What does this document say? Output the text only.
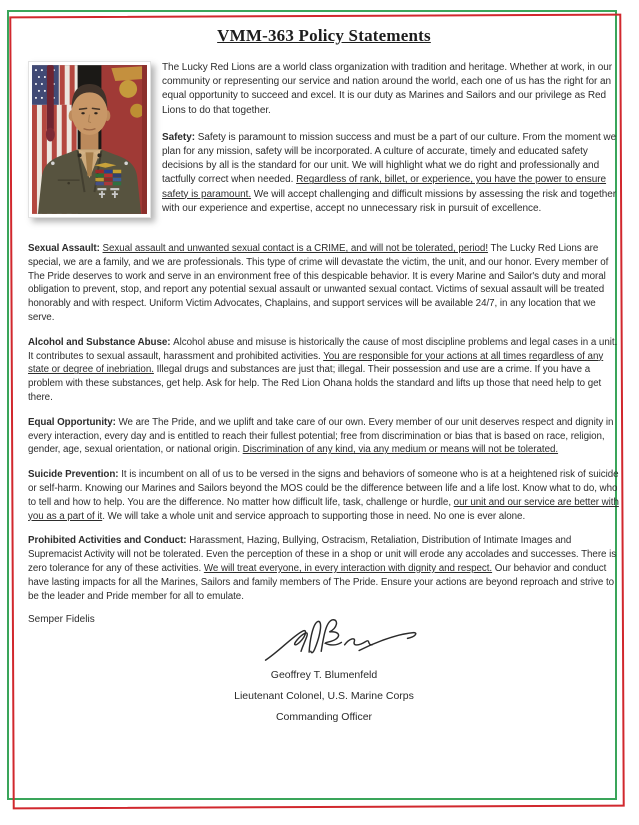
VMM-363 Policy Statements

The Lucky Red Lions are a world class organization with tradition and heritage. Whether at work, in our community or representing our service and nation around the world, each one of us has the right for an equal opportunity to succeed and excel. It is our duty as Marines and Sailors and our privilege as Red Lions to do that together.

Safety: Safety is paramount to mission success and must be a part of our culture. From the moment we plan for any mission, safety will be incorporated. A culture of accurate, timely and educated safety decisions by all is the standard for our unit. We will highlight what we do right and professionally and tactfully correct when needed. Regardless of rank, billet, or experience, you have the power to ensure safety is paramount. We will accept challenging and difficult missions by assessing the risk and together with our experience and expertise, accept no unnecessary risk in pursuit of excellence.

Sexual Assault: Sexual assault and unwanted sexual contact is a CRIME, and will not be tolerated, period! The Lucky Red Lions are special, we are a family, and we are professionals. This type of crime will devastate the victim, the unit, and our honor. Every member of The Pride deserves to work and serve in an environment free of this despicable behavior. It is every Marine and Sailor's duty and moral obligation to prevent, stop, and report any potential sexual assault or unwanted sexual contact. Victims of sexual assault will be treated honorably and with respect. Uniform Victim Advocates, Chaplains, and support services will be available 24/7, in any location that we serve.

Alcohol and Substance Abuse: Alcohol abuse and misuse is historically the cause of most discipline problems and legal cases in a unit. It contributes to sexual assault, harassment and prohibited activities. You are responsible for your actions at all times regardless of any state or degree of inebriation. Illegal drugs and substances are just that; illegal. Their possession and use are a crime. If you have a problem with these substances, get help. Ask for help. The Red Lion Ohana holds the standard and lifts up those that need help to get there.

Equal Opportunity: We are The Pride, and we uplift and take care of our own. Every member of our unit deserves respect and dignity in every interaction, every day and is entitled to reach their fullest potential; free from discrimination or bias that is based on race, religion, gender, age, sexual orientation, or national origin. Discrimination of any kind, via any medium or means will not be tolerated.

Suicide Prevention: It is incumbent on all of us to be versed in the signs and behaviors of someone who is at a heightened risk of suicide or self-harm. Knowing our Marines and Sailors beyond the MOS could be the difference between life and a life lost. Know what to do, who to tell and how to help. You are the difference. No matter how difficult life, task, challenge or hurdle, our unit and our service are better with you as a part of it. We will take a whole unit and service approach to supporting those in need. No one is ever alone.

Prohibited Activities and Conduct: Harassment, Hazing, Bullying, Ostracism, Retaliation, Distribution of Intimate Images and Supremacist Activity will not be tolerated. Even the perception of these in a shop or unit will erode any accolades and successes. There is zero tolerance for any of these activities. We will treat everyone, in every interaction with dignity and respect. Our behavior and conduct have lasting impacts for all the Marines, Sailors and family members of The Pride. Ensure your actions are beyond reproach and strive to be the leader and Pride member for all to emulate.

Semper Fidelis

Geoffrey T. Blumenfeld
Lieutenant Colonel, U.S. Marine Corps
Commanding Officer
